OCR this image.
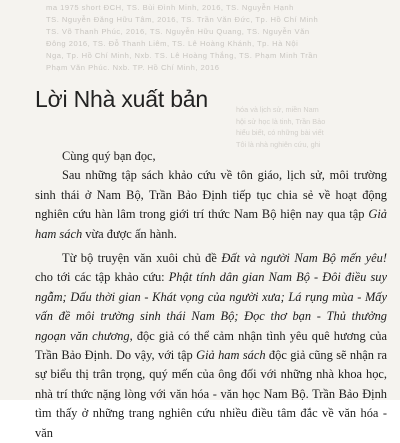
ma 1975 short ĐCH, TS. Bùi Đình Minh, 2016, TS. Nguyễn Hạnh
TS. Nguyễn Đăng Hữu Tâm, 2016, TS. Trần Văn Đức, Tp. Hồ Chí Minh
TS. Võ Thanh Phúc, 2016, TS. Nguyễn Hữu Quang, TS. Nguyễn Văn
Đông 2016, TS. Đỗ Thanh Liêm, TS. Lê Hoàng Khánh, Tp. Hà Nội
Nga, Tp. Hồ Chí Minh, Nxb. TS. Lê Hoàng Thắng, TS. Phạm Minh Trần
Phạm Văn Phúc. Nxb. TP. Hồ Chí Minh, 2016
hóa và lịch sử, miền Nam
hội sử học là tinh, Trần Bảo
hiểu biết, có những bài viết
Tôi là nhà nghiên cứu, ghi
Lời Nhà xuất bản

Cùng quý bạn đọc,

Sau những tập sách khảo cứu về tôn giáo, lịch sử, môi trường sinh thái ở Nam Bộ, Trần Bảo Định tiếp tục chia sẻ về hoạt động nghiên cứu hàn lâm trong giới trí thức Nam Bộ hiện nay qua tập Giả ham sách vừa được ấn hành.

Từ bộ truyện văn xuôi chủ đề Đất và người Nam Bộ mến yêu! cho tới các tập khảo cứu: Phật tính dân gian Nam Bộ - Đôi điều suy ngẫm; Dấu thời gian - Khát vọng của người xưa; Lá rụng mùa - Mấy vấn đề môi trường sinh thái Nam Bộ; Đọc thơ bạn - Thủ thưởng ngoạn văn chương, độc giả có thể cảm nhận tình yêu quê hương của Trần Bảo Định. Do vậy, với tập Giả ham sách độc giả cũng sẽ nhận ra sự biểu thị trân trọng, quý mến của ông đối với những nhà khoa học, nhà trí thức nặng lòng với văn hóa - văn học Nam Bộ. Trần Bảo Định tìm thấy ở những trang nghiên cứu nhiều điều tâm đắc về văn hóa - văn
